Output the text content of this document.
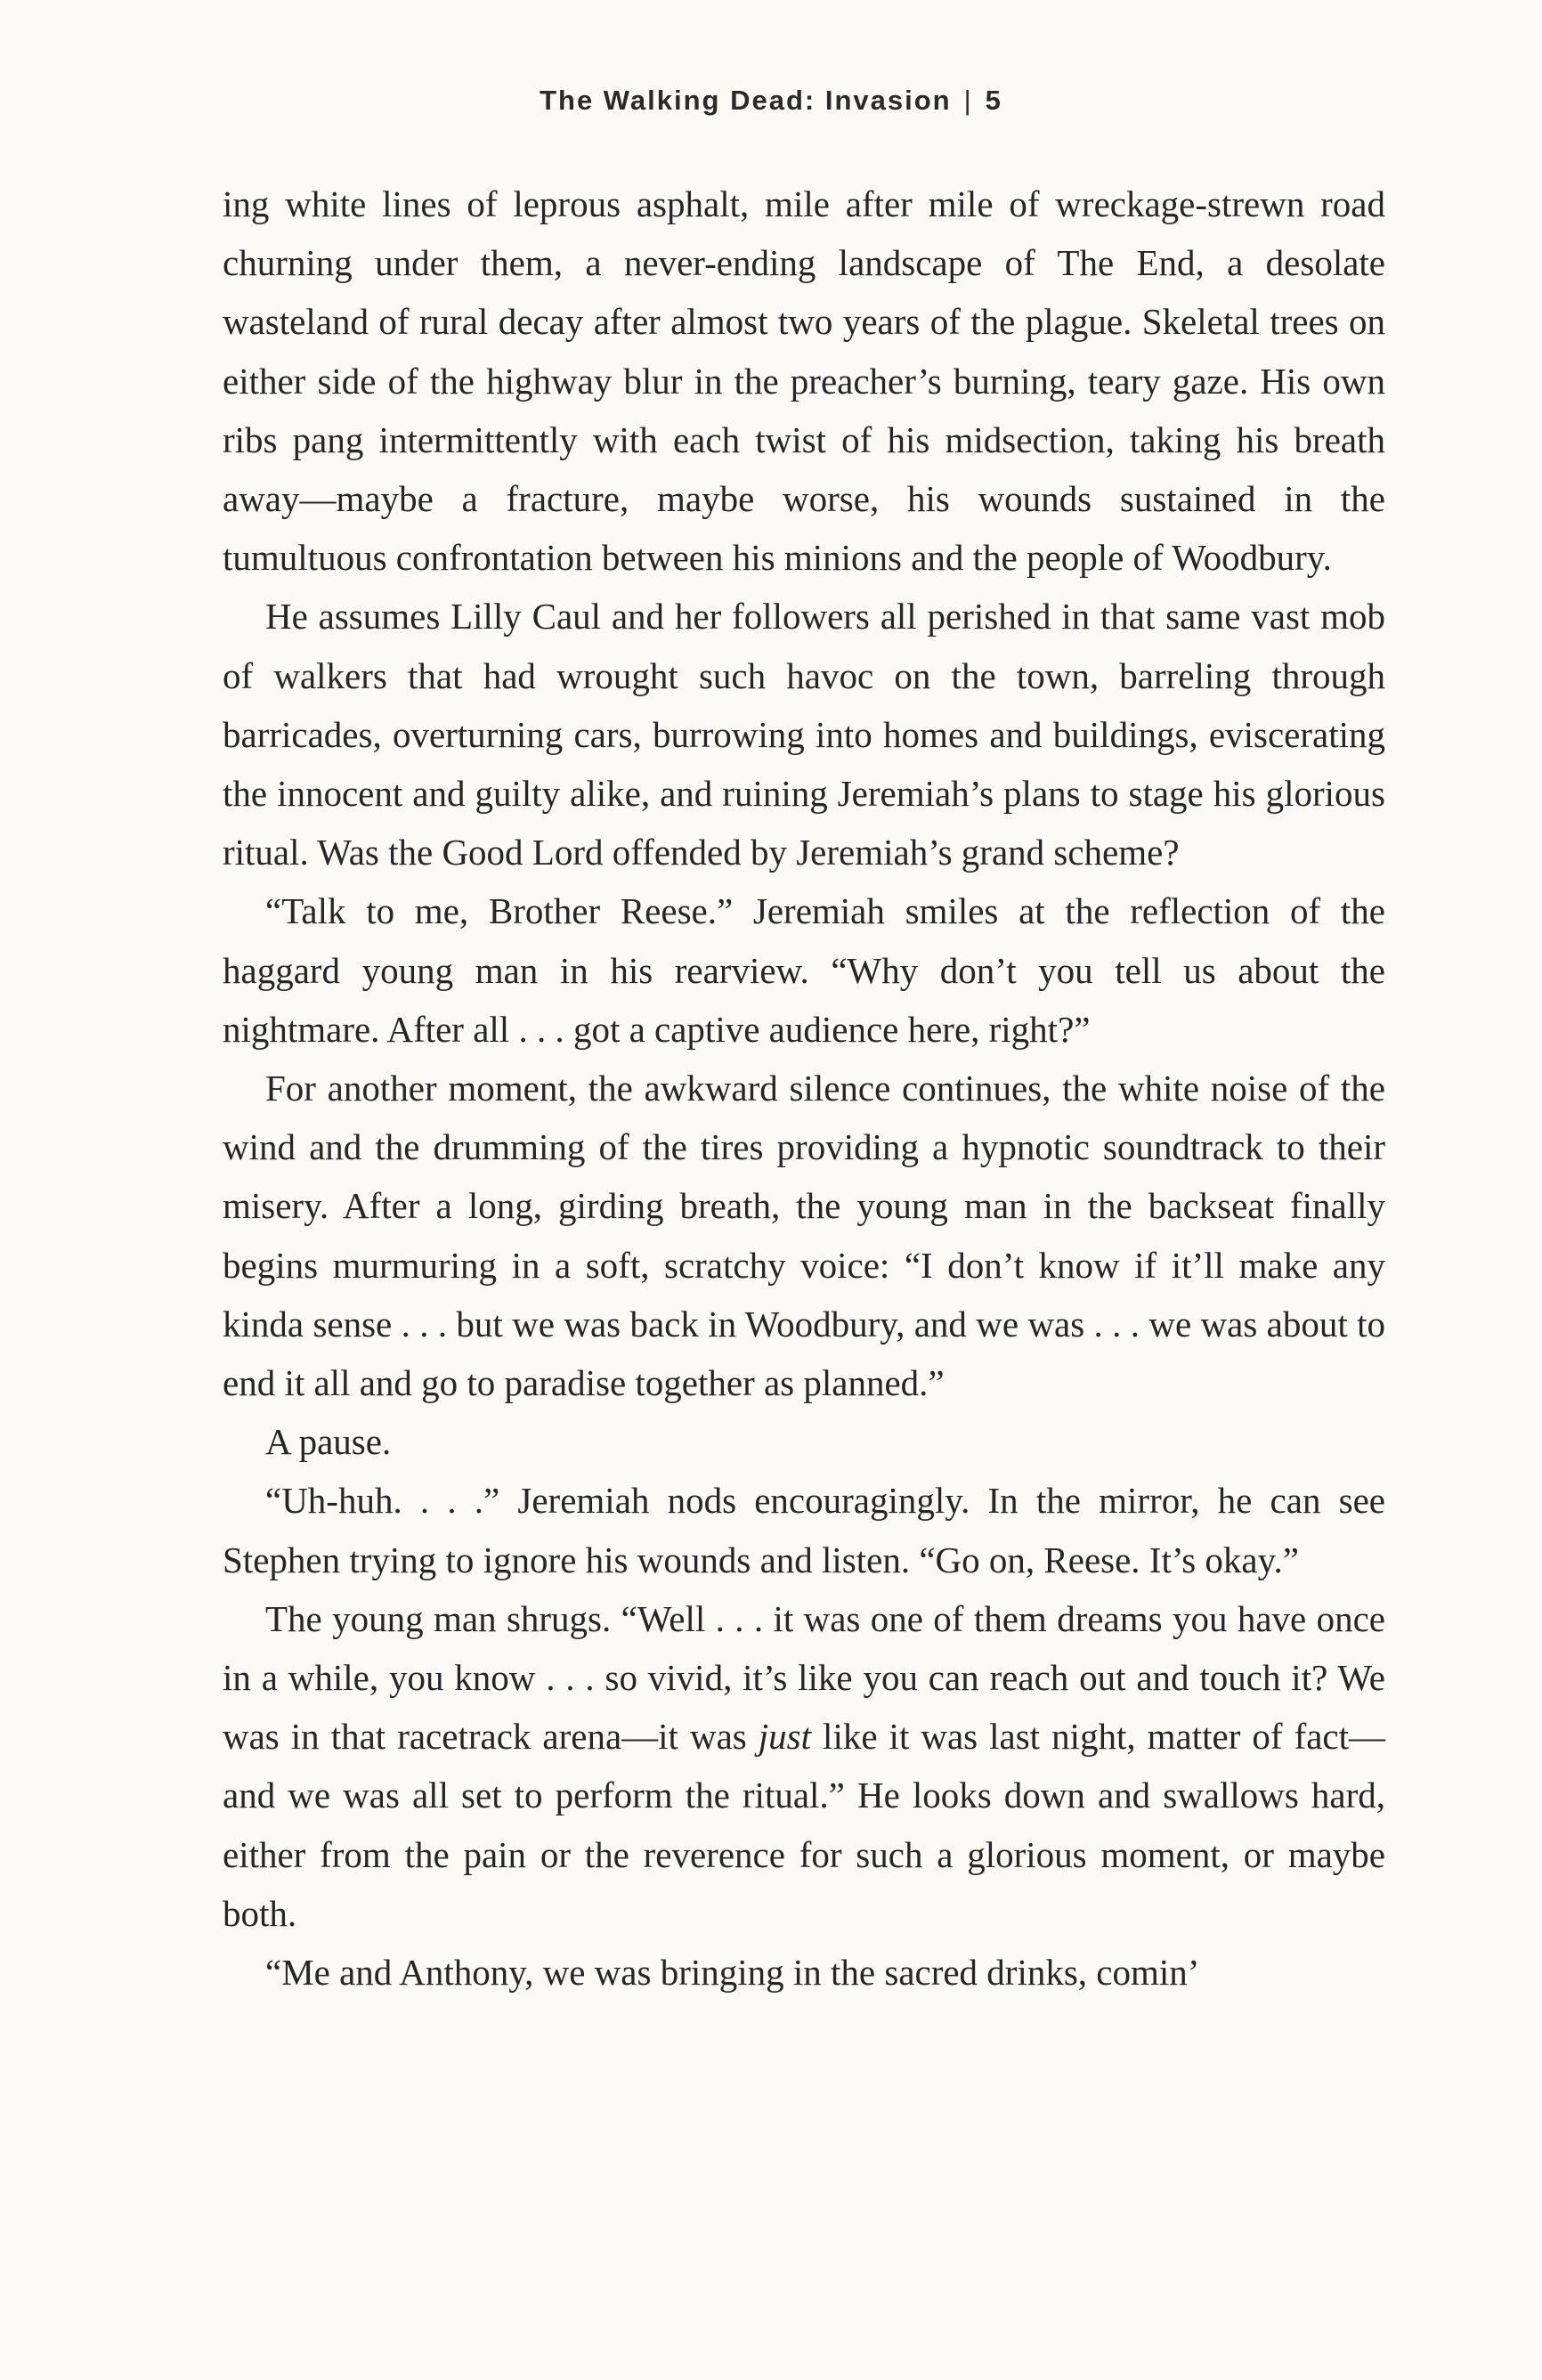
The Walking Dead: Invasion | 5

ing white lines of leprous asphalt, mile after mile of wreckage-strewn road churning under them, a never-ending landscape of The End, a desolate wasteland of rural decay after almost two years of the plague. Skeletal trees on either side of the highway blur in the preacher’s burning, teary gaze. His own ribs pang intermittently with each twist of his midsection, taking his breath away—maybe a fracture, maybe worse, his wounds sustained in the tumultuous confrontation between his minions and the people of Woodbury.

He assumes Lilly Caul and her followers all perished in that same vast mob of walkers that had wrought such havoc on the town, barreling through barricades, overturning cars, burrowing into homes and buildings, eviscerating the innocent and guilty alike, and ruining Jeremiah’s plans to stage his glorious ritual. Was the Good Lord offended by Jeremiah’s grand scheme?

“Talk to me, Brother Reese.” Jeremiah smiles at the reflection of the haggard young man in his rearview. “Why don’t you tell us about the nightmare. After all . . . got a captive audience here, right?”

For another moment, the awkward silence continues, the white noise of the wind and the drumming of the tires providing a hypnotic soundtrack to their misery. After a long, girding breath, the young man in the backseat finally begins murmuring in a soft, scratchy voice: “I don’t know if it’ll make any kinda sense . . . but we was back in Woodbury, and we was . . . we was about to end it all and go to paradise together as planned.”

A pause.

“Uh-huh. . . .” Jeremiah nods encouragingly. In the mirror, he can see Stephen trying to ignore his wounds and listen. “Go on, Reese. It’s okay.”

The young man shrugs. “Well . . . it was one of them dreams you have once in a while, you know . . . so vivid, it’s like you can reach out and touch it? We was in that racetrack arena—it was just like it was last night, matter of fact—and we was all set to perform the ritual.” He looks down and swallows hard, either from the pain or the reverence for such a glorious moment, or maybe both.

“Me and Anthony, we was bringing in the sacred drinks, comin’
